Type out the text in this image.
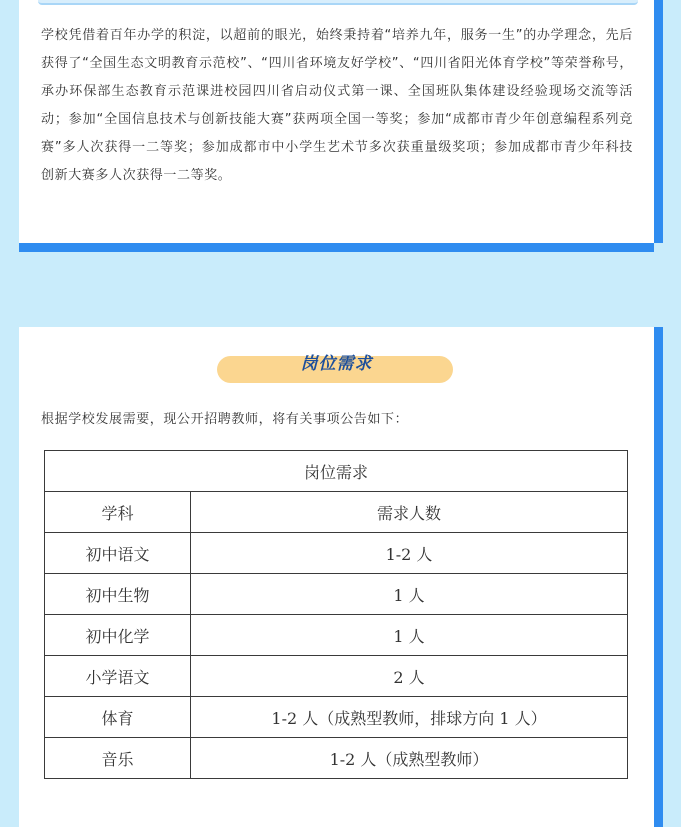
学校凭借着百年办学的积淀，以超前的眼光，始终秉持着“培养九年，服务一生”的办学理念，先后获得了“全国生态文明教育示范校”、“四川省环境友好学校”、“四川省阳光体育学校”等荣誉称号，承办环保部生态教育示范课进校园四川省启动仪式第一课、全国班队集体建设经验现场交流等活动；参加“全国信息技术与创新技能大赛”获两项全国一等奖；参加“成都市青少年创意编程系列竞赛”多人次获得一二等奖；参加成都市中小学生艺术节多次获重量级奖项；参加成都市青少年科技创新大赛多人次获得一二等奖。
岗位需求
根据学校发展需要，现公开招聘教师，将有关事项公告如下：
岗位需求	
学科	需求人数
初中语文	1-2 人
初中生物	1 人
初中化学	1 人
小学语文	2 人
体育	1-2 人（成熟型教师，排球方向 1 人）
音乐	1-2 人（成熟型教师）
